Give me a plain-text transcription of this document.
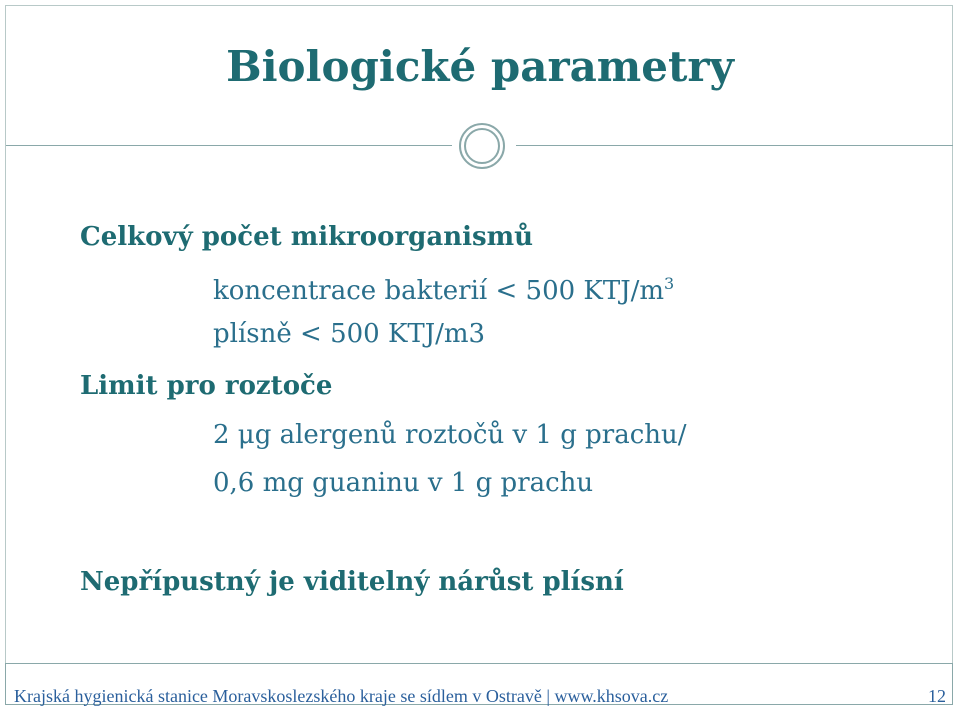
Biologické parametry
Celkový počet mikroorganismů
koncentrace bakterií < 500 KTJ/$m^3$
plísně < 500 KTJ/m3
Limit pro roztoče
2 μg alergenů roztočů v 1 g prachu/
0,6 mg guaninu v 1 g prachu
Nepřípustný je viditelný nárůst plísní
Krajská hygienická stanice Moravskoslezského kraje se sídlem v Ostravě | www.khsova.cz	12
